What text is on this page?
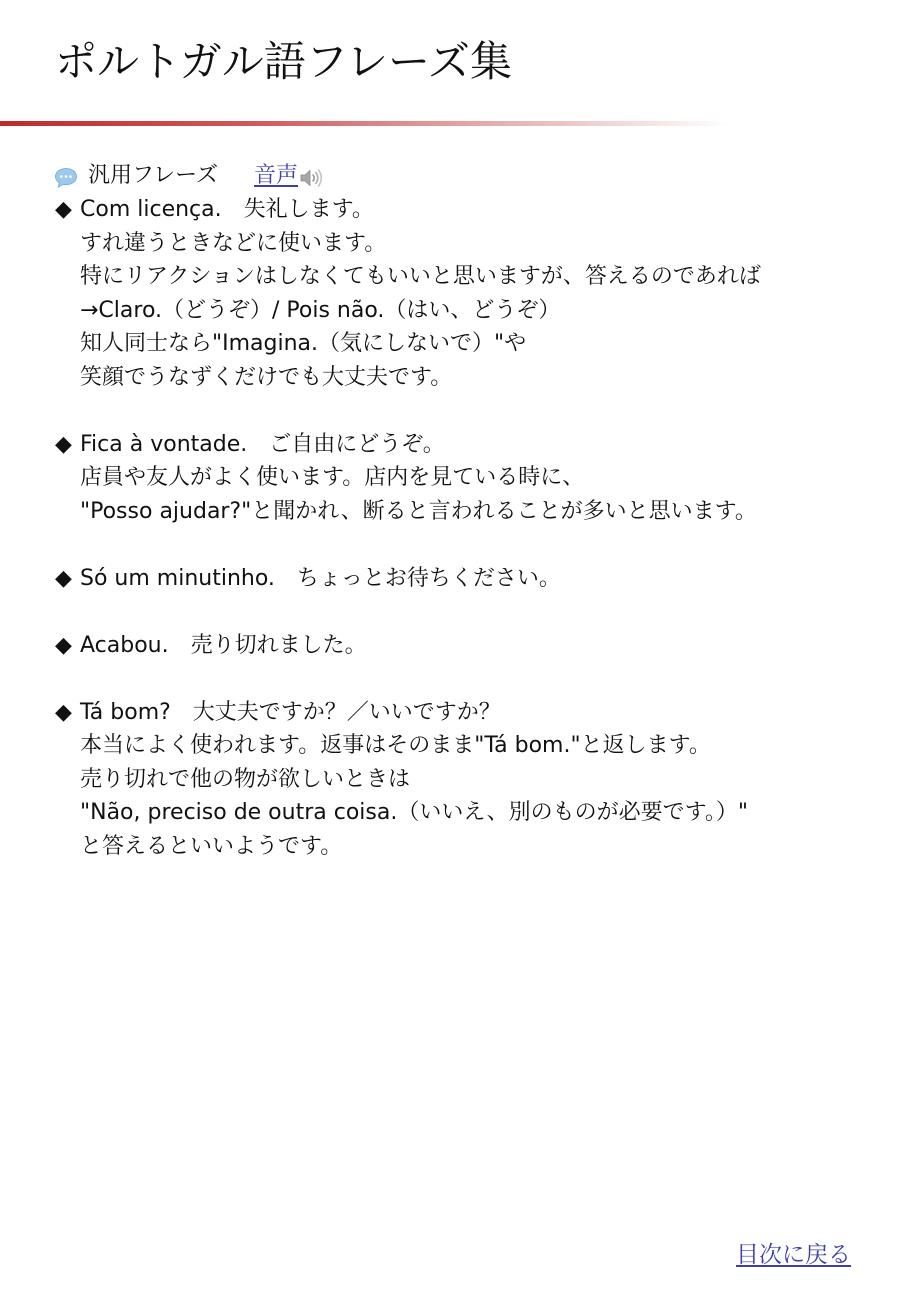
ポルトガル語フレーズ集
汎用フレーズ 音声
◆ Com licença.　失礼します。
すれ違うときなどに使います。
特にリアクションはしなくてもいいと思いますが、答えるのであれば
→Claro.（どうぞ）/ Pois não.（はい、どうぞ）
知人同士なら"Imagina.（気にしないで）"や
笑顔でうなずくだけでも大丈夫です。
◆ Fica à vontade.　ご自由にどうぞ。
店員や友人がよく使います。店内を見ている時に、
"Posso ajudar?"と聞かれ、断ると言われることが多いと思います。
◆ Só um minutinho.　ちょっとお待ちください。
◆ Acabou.　売り切れました。
◆ Tá bom?　大丈夫ですか？／いいですか？
本当によく使われます。返事はそのまま"Tá bom."と返します。
売り切れで他の物が欲しいときは
"Não, preciso de outra coisa.（いいえ、別のものが必要です。）"
と答えるといいようです。
目次に戻る
